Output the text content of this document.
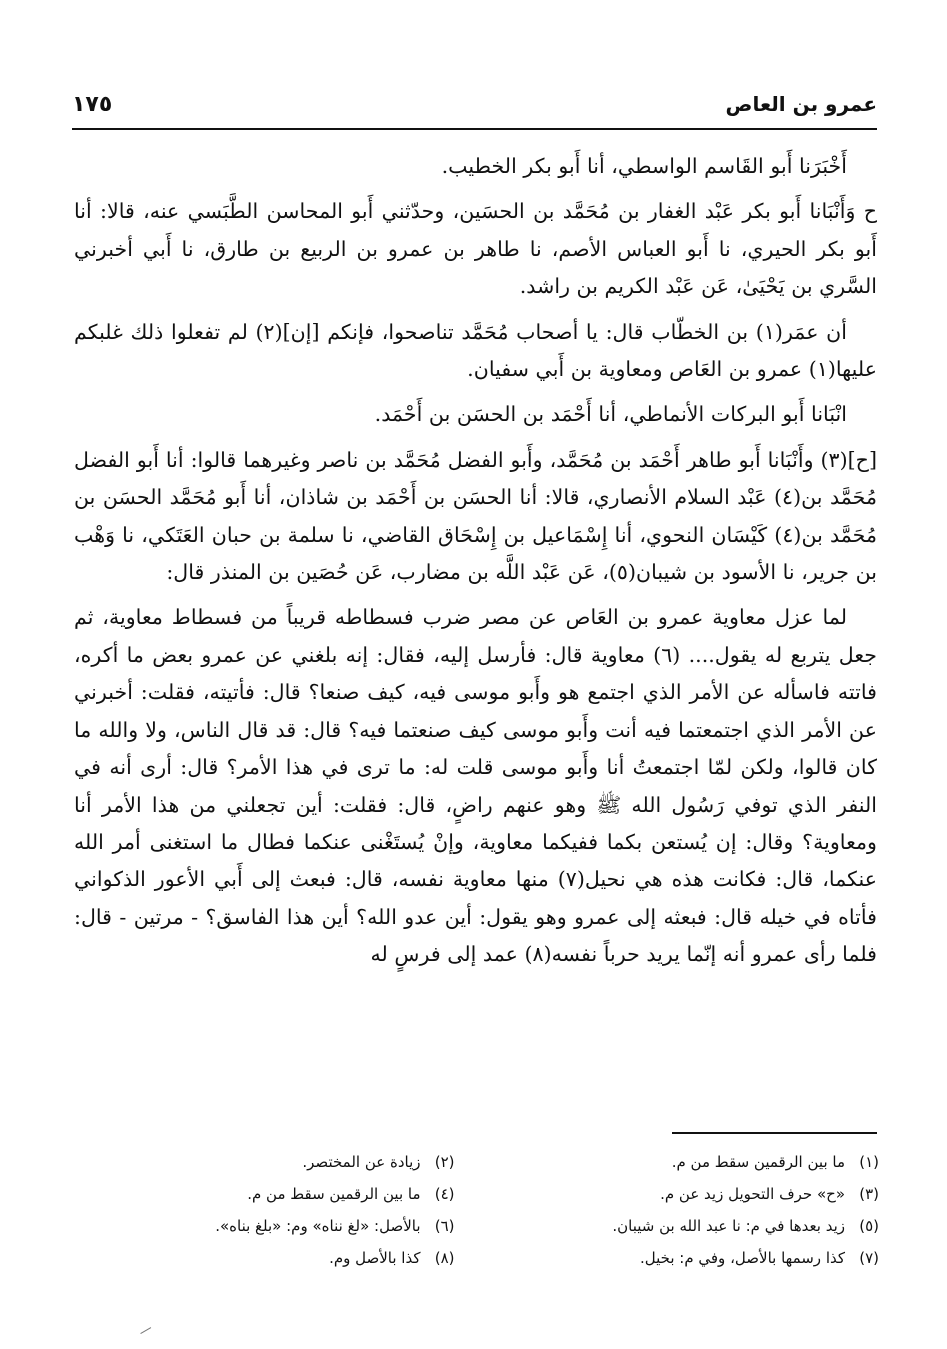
عمرو بن العاص
١٧٥

أَخْبَرَنا أَبو القَاسم الواسطي، أنا أَبو بكر الخطيب.

ح وَأَنْبَانا أَبو بكر عَبْد الغفار بن مُحَمَّد بن الحسَين، وحدّثني أَبو المحاسن الطَّبَسي عنه، قالا: أنا أَبو بكر الحيري، نا أَبو العباس الأصم، نا طاهر بن عمرو بن الربيع بن طارق، نا أَبي أخبرني السَّري بن يَحْيَىٰ، عَن عَبْد الكريم بن راشد.

أن عمَر(١) بن الخطّاب قال: يا أصحاب مُحَمَّد تناصحوا، فإنكم [إن](٢) لم تفعلوا ذلك غلبكم عليها(١) عمرو بن العَاص ومعاوية بن أَبي سفيان.

انْبَانا أَبو البركات الأنماطي، أنا أَحْمَد بن الحسَن بن أَحْمَد.

[ح](٣) وأَنْبَانا أَبو طاهر أَحْمَد بن مُحَمَّد، وأَبو الفضل مُحَمَّد بن ناصر وغيرهما قالوا: أنا أَبو الفضل مُحَمَّد بن(٤) عَبْد السلام الأنصاري، قالا: أنا الحسَن بن أَحْمَد بن شاذان، أنا أَبو مُحَمَّد الحسَن بن مُحَمَّد بن(٤) كَيْسَان النحوي، أنا إِسْمَاعيل بن إِسْحَاق القاضي، نا سلمة بن حبان العَتَكي، نا وَهْب بن جرير، نا الأسود بن شيبان(٥)، عَن عَبْد اللَّه بن مضارب، عَن حُصَين بن المنذر قال:

لما عزل معاوية عمرو بن العَاص عن مصر ضرب فسطاطه قريباً من فسطاط معاوية، ثم جعل يتربع له يقول.... (٦) معاوية قال: فأرسل إليه، فقال: إنه بلغني عن عمرو بعض ما أكره، فاتته فاسأله عن الأمر الذي اجتمع هو وأَبو موسى فيه، كيف صنعا؟ قال: فأتيته، فقلت: أخبرني عن الأمر الذي اجتمعتما فيه أنت وأَبو موسى كيف صنعتما فيه؟ قال: قد قال الناس، ولا والله ما كان قالوا، ولكن لمّا اجتمعتُ أنا وأَبو موسى قلت له: ما ترى في هذا الأمر؟ قال: أرى أنه في النفر الذي توفي رَسُول الله ﷺ وهو عنهم راضٍ، قال: فقلت: أين تجعلني من هذا الأمر أنا ومعاوية؟ وقال: إن يُستعن بكما ففيكما معاوية، وإنْ يُستَغْنى عنكما فطال ما استغنى أمر الله عنكما، قال: فكانت هذه هي نحيل(٧) منها معاوية نفسه، قال: فبعث إلى أَبي الأعور الذكواني فأتاه في خيله قال: فبعثه إلى عمرو وهو يقول: أين عدو الله؟ أين هذا الفاسق؟ - مرتين - قال: فلما رأى عمرو أنه إنّما يريد حرباً نفسه(٨) عمد إلى فرسٍ له

(١)ما بين الرقمين سقط من م.
(٢)زيادة عن المختصر.
(٣)«ح» حرف التحويل زيد عن م.
(٤)ما بين الرقمين سقط من م.
(٥)زيد بعدها في م: نا عبد الله بن شيبان.
(٦)بالأصل: «لغ نناه» وم: «بلغ بناه».
(٧)كذا رسمها بالأصل، وفي م: بخيل.
(٨)كذا بالأصل وم.
